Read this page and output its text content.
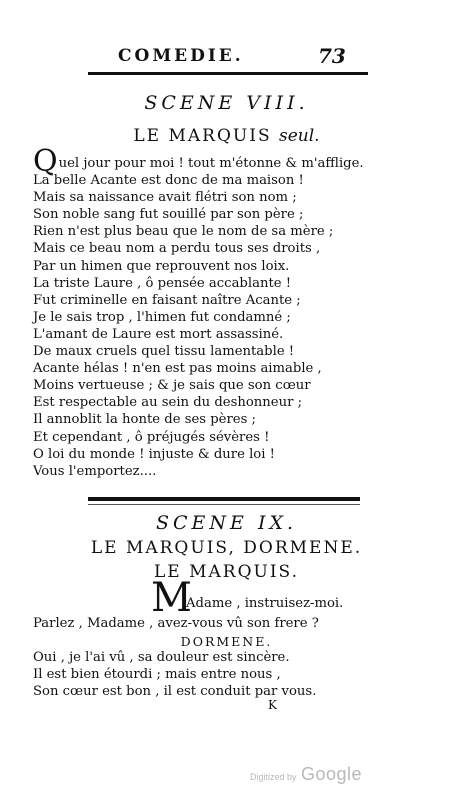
COMEDIE.	73
SCENE VIII.
LE MARQUIS seul.
Quel jour pour moi ! tout m'étonne & m'afflige.
La belle Acante est donc de ma maison !
Mais sa naissance avait flétri son nom ;
Son noble sang fut souillé par son père ;
Rien n'est plus beau que le nom de sa mère ;
Mais ce beau nom a perdu tous ses droits ,
Par un himen que reprouvent nos loix.
La triste Laure , ô pensée accablante !
Fut criminelle en faisant naître Acante ;
Je le sais trop , l'himen fut condamné ;
L'amant de Laure est mort assassiné.
De maux cruels quel tissu lamentable !
Acante hélas ! n'en est pas moins aimable ,
Moins vertueuse ; & je sais que son cœur
Est respectable au sein du deshonneur ;
Il annoblit la honte de ses pères ;
Et cependant , ô préjugés sévères !
O loi du monde ! injuste & dure loi !
Vous l'emportez....
SCENE IX.
LE MARQUIS, DORMENE.
LE MARQUIS.
M
Adame , instruisez-moi.
Parlez , Madame , avez-vous vû son frere ?
DORMENE.
Oui , je l'ai vû , sa douleur est sincère.
Il est bien étourdi ; mais entre nous ,
Son cœur est bon , il est conduit par vous.
K
Digitized by Google
